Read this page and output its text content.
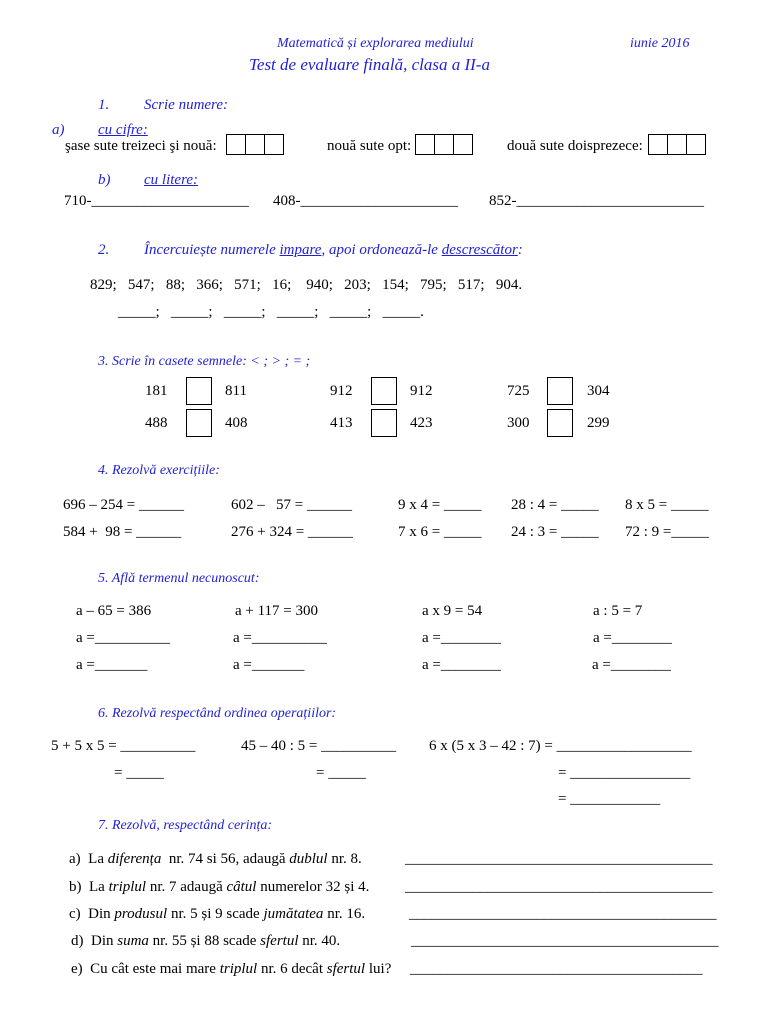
Matematică și explorarea mediului	iunie 2016
Test de evaluare finală, clasa a II-a
1. Scrie numere:
a) cu cifre:
şase sute treizeci şi nouă:	nouă sute opt:	două sute doisprezece:
b) cu litere:
710-_____________________ 408-_____________________ 852-_________________________
2. Încercuiește numerele impare, apoi ordonează-le descrescător:
829;   547;   88;   366;   571;   16;    940;   203;   154;   795;   517;   904.
_____;   _____;   _____;   _____;   _____;   _____.
3. Scrie în casete semnele: < ; > ; = ;
181	811	912	912	725	304
488	408	413	423	300	299
4. Rezolvă exercițiile:
696 – 254 = ______	602 –   57 = ______	9 x 4 = _____ 28 : 4 = _____ 8 x 5 = _____
584 +  98 = ______	276 + 324 = ______	7 x 6 = _____ 24 : 3 = _____ 72 : 9 =_____
5. Află termenul necunoscut:
a – 65 = 386	a + 117 = 300	a x 9 = 54	a : 5 = 7
a =__________	a =__________	a =________	a =________
a =_______	a =_______	a =________	a =________
6. Rezolvă respectând ordinea operațiilor:
5 + 5 x 5 = __________	45 – 40 : 5 = __________ 6 x (5 x 3 – 42 : 7) = __________________
= _____	= _____	= ________________
= ____________
7. Rezolvă, respectând cerința:
a)  La diferența  nr. 74 si 56, adaugă dublul nr. 8.	_________________________________________
b)  La triplul nr. 7 adaugă cȃtul numerelor 32 și 4. _________________________________________
c)  Din produsul nr. 5 și 9 scade jumătatea nr. 16.	_________________________________________
d)  Din suma nr. 55 și 88 scade sfertul nr. 40.	_________________________________________
e)  Cu cât este mai mare triplul nr. 6 decât sfertul lui? _______________________________________
